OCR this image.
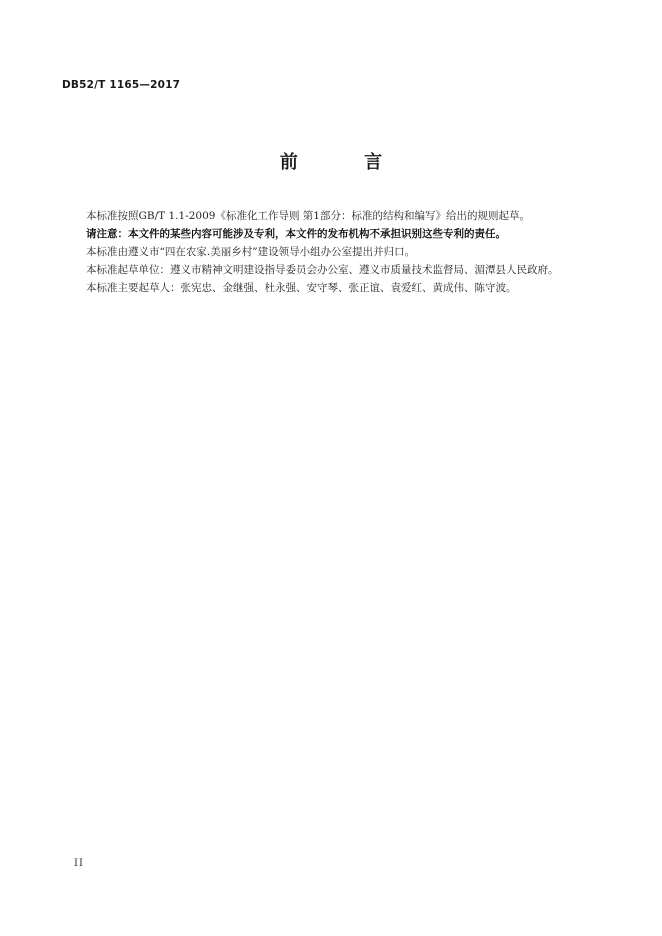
DB52/T 1165—2017
前 言

本标准按照GB/T 1.1-2009《标准化工作导则 第1部分：标准的结构和编写》给出的规则起草。

请注意：本文件的某些内容可能涉及专利，本文件的发布机构不承担识别这些专利的责任。

本标准由遵义市“四在农家.美丽乡村”建设领导小组办公室提出并归口。

本标准起草单位：遵义市精神文明建设指导委员会办公室、遵义市质量技术监督局、湄潭县人民政府。

本标准主要起草人：张宪忠、金继强、杜永强、安守琴、张正谊、袁爱红、黄成伟、陈守波。

II
